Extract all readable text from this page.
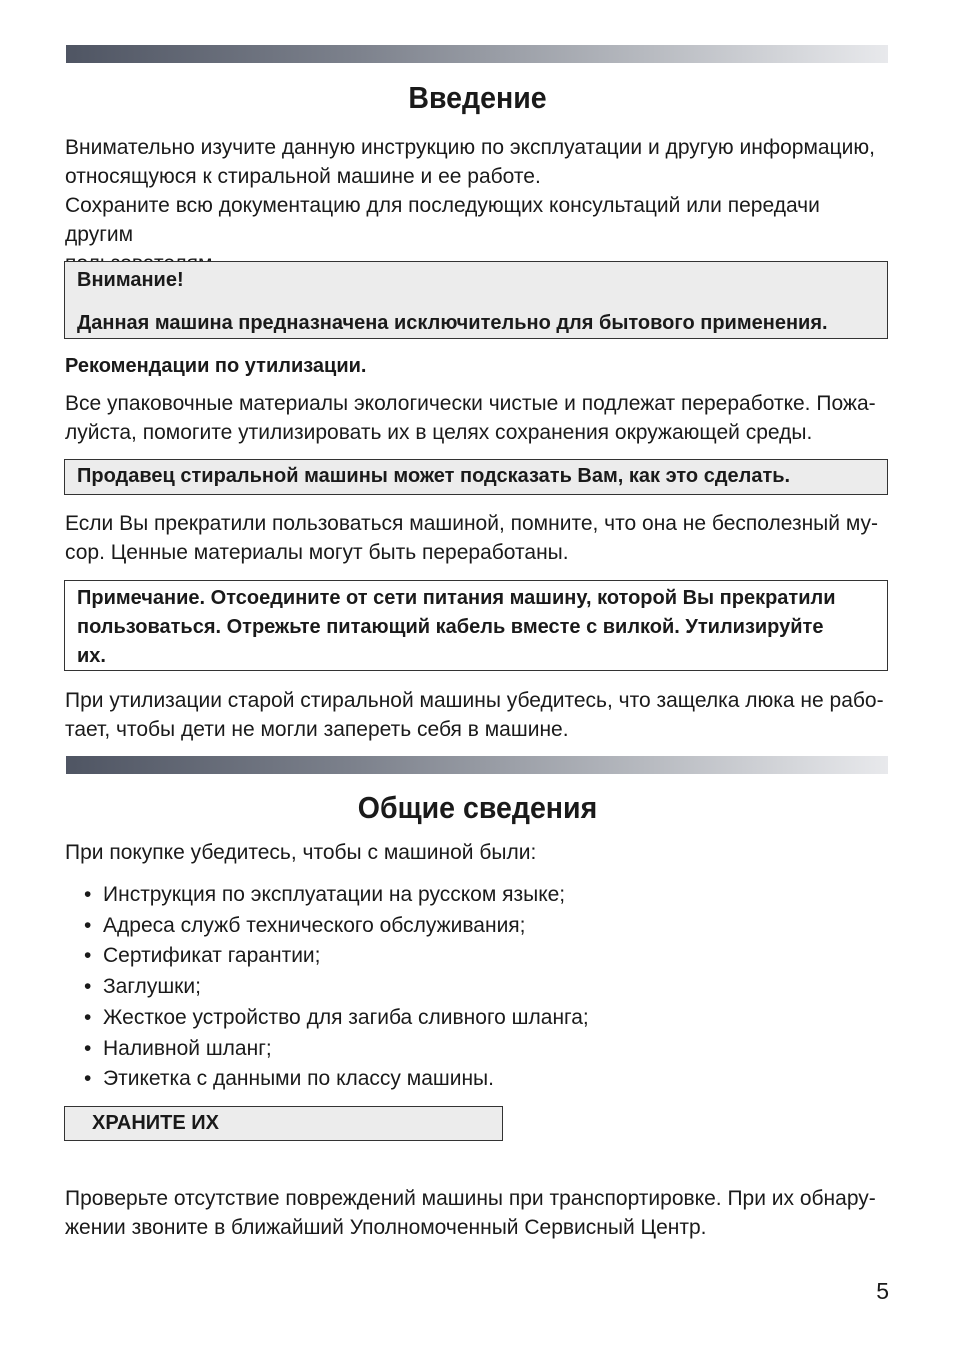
Введение
Внимательно изучите данную инструкцию по эксплуатации и другую информацию,
относящуюся к стиральной машине и ее работе.
Сохраните всю документацию для последующих консультаций или передачи другим
Внимание!
Данная машина предназначена исключительно для бытового применения.
Рекомендации по утилизации.
Все упаковочные материалы экологически чистые и подлежат переработке. Пожа-
луйста, помогите утилизировать их в целях сохранения окружающей среды.
Продавец стиральной машины может подсказать Вам, как это сделать.
Если Вы прекратили пользоваться машиной, помните, что она не бесполезный му-
сор. Ценные материалы могут быть переработаны.
Примечание. Отсоедините от сети питания машину, которой Вы прекратили
пользоваться. Отрежьте питающий кабель вместе с вилкой. Утилизируйте
их.
При утилизации старой стиральной машины убедитесь, что защелка люка не рабо-
тает, чтобы дети не могли запереть себя в машине.
Общие сведения
При покупке убедитесь, чтобы с машиной были:
• Инструкция по эксплуатации на русском языке;
• Адреса служб технического обслуживания;
• Сертификат гарантии;
• Заглушки;
• Жесткое устройство для загиба сливного шланга;
• Наливной шланг;
• Этикетка с данными по классу машины.
ХРАНИТЕ ИХ
Проверьте отсутствие повреждений машины при транспортировке. При их обнару-
жении звоните в ближайший Уполномоченный Сервисный Центр.
5
